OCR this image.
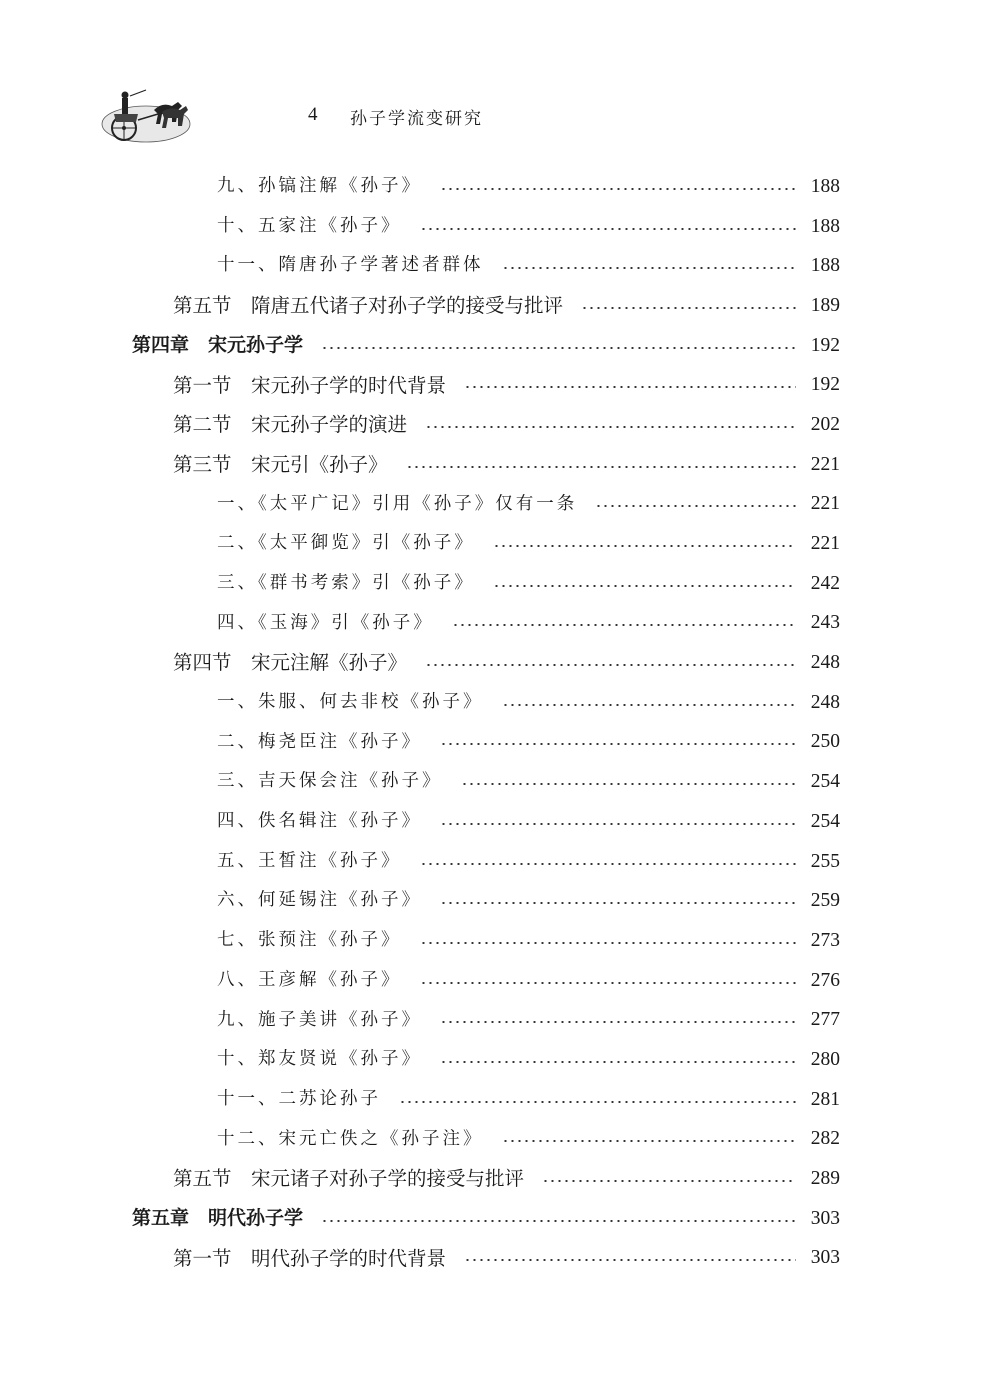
4 孙子学流变研究
九、孙镐注解《孙子》	188
十、五家注《孙子》	188
十一、隋唐孙子学著述者群体	188
第五节　隋唐五代诸子对孙子学的接受与批评	189
第四章　宋元孙子学	192
第一节　宋元孙子学的时代背景	192
第二节　宋元孙子学的演进	202
第三节　宋元引《孙子》	221
一、《太平广记》引用《孙子》仅有一条	221
二、《太平御览》引《孙子》	221
三、《群书考索》引《孙子》	242
四、《玉海》引《孙子》	243
第四节　宋元注解《孙子》	248
一、朱服、何去非校《孙子》	248
二、梅尧臣注《孙子》	250
三、吉天保会注《孙子》	254
四、佚名辑注《孙子》	254
五、王皙注《孙子》	255
六、何延锡注《孙子》	259
七、张预注《孙子》	273
八、王彦解《孙子》	276
九、施子美讲《孙子》	277
十、郑友贤说《孙子》	280
十一、二苏论孙子	281
十二、宋元亡佚之《孙子注》	282
第五节　宋元诸子对孙子学的接受与批评	289
第五章　明代孙子学	303
第一节　明代孙子学的时代背景	303
